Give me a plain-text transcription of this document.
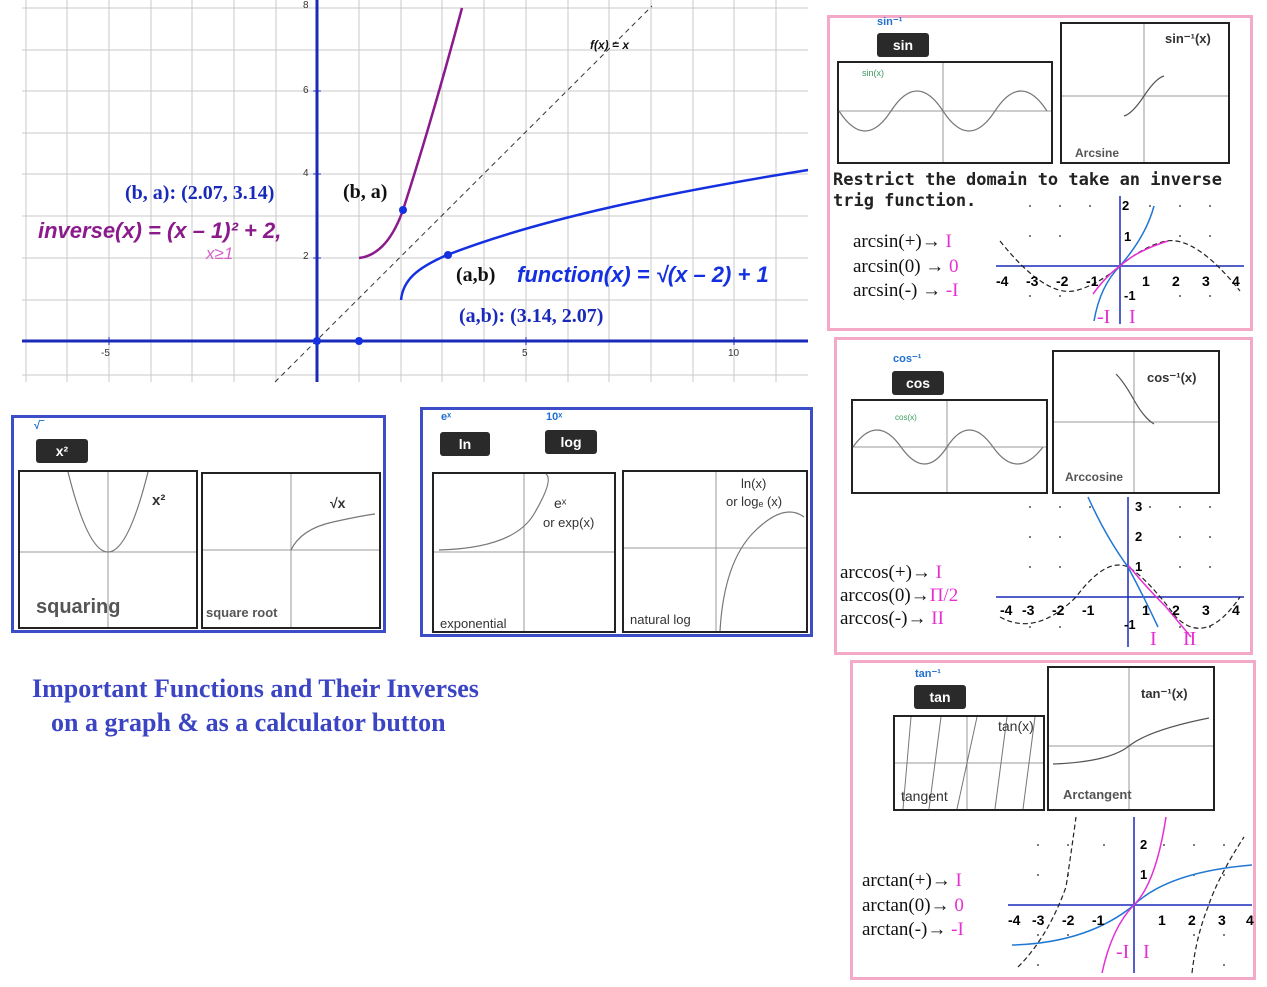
-5	5	10
2
4
6
8
f(x) = x
(b, a): (2.07, 3.14)	(b, a)
inverse(x) = (x – 1)² + 2,
x≥1
(a,b) function(x) = √(x – 2) + 1
(a,b): (3.14, 2.07)
√‾
x²
x²
squaring
√x
square root
eˣ	10ˣ
ln	log
eˣ
or exp(x)
exponential
ln(x)
or logₑ (x)
natural log
Important Functions and Their Inverses
on a graph & as a calculator button
sin⁻¹
sin
sin(x)
sin⁻¹(x)
Arcsine
Restrict the domain to take an inverse trig function.	2
1
-1
-4 -3 -2 -1	1 2 3 4
-I I
arcsin(+)→ I
arcsin(0) → 0
arcsin(-) → -I
cos⁻¹
cos
cos(x)
cos⁻¹(x)
Arccosine
3
2
1
-1
-4 -3 -2 -1	1 2 3 4
I II
arccos(+)→ I
arccos(0)→Π/2
arccos(-)→ II
tan⁻¹
tan
tan(x)
tangent
tan⁻¹(x)
Arctangent
2
1
-4 -3 -2 -1	1 2 3 4
-I I
arctan(+)→ I
arctan(0)→ 0
arctan(-)→ -I
